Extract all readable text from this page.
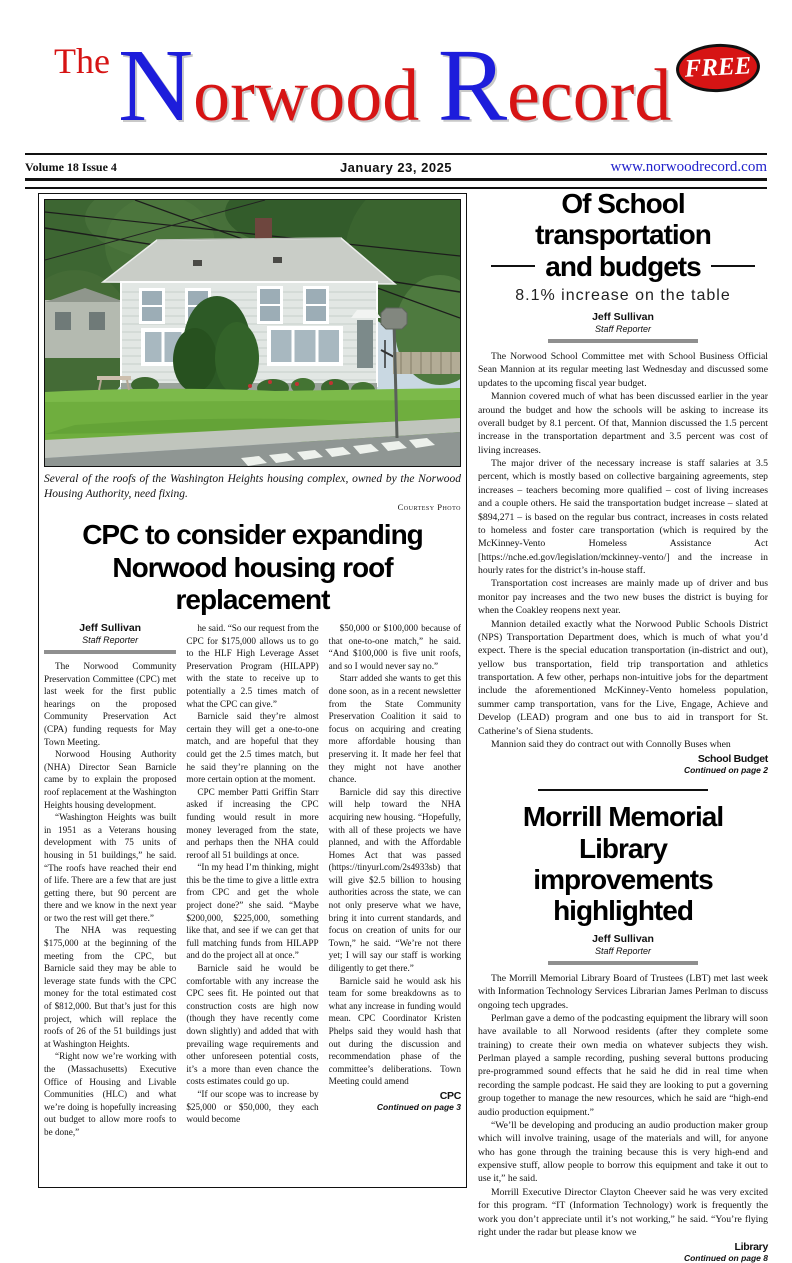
The Norwood Record FREE
Volume 18 Issue 4	January 23, 2025	www.norwoodrecord.com
Several of the roofs of the Washington Heights housing complex, owned by the Norwood Housing Authority, need fixing.
Courtesy Photo
CPC to consider expanding
Norwood housing roof replacement
Jeff Sullivan
Staff Reporter

The Norwood Community Preservation Committee (CPC) met last week for the first public hearings on the proposed Community Preservation Act (CPA) funding requests for May Town Meeting.

Norwood Housing Authority (NHA) Director Sean Barnicle came by to explain the proposed roof replacement at the Washington Heights housing development.

“Washington Heights was built in 1951 as a Veterans housing development with 75 units of housing in 51 buildings,” he said. “The roofs have reached their end of life. There are a few that are just getting there, but 90 percent are there and we know in the next year or two the rest will get there.”

The NHA was requesting $175,000 at the beginning of the meeting from the CPC, but Barnicle said they may be able to leverage state funds with the CPC money for the total estimated cost of $812,000. But that’s just for this project, which will replace the roofs of 26 of the 51 buildings just at Washington Heights.

“Right now we’re working with the (Massachusetts) Executive Office of Housing and Livable Communities (HLC) and what we’re doing is hopefully increasing out budget to allow more roofs to be done,”

he said. “So our request from the CPC for $175,000 allows us to go to the HLF High Leverage Asset Preservation Program (HILAPP) with the state to receive up to potentially a 2.5 times match of what the CPC can give.”

Barnicle said they’re almost certain they will get a one-to-one match, and are hopeful that they could get the 2.5 times match, but he said they’re planning on the more certain option at the moment.

CPC member Patti Griffin Starr asked if increasing the CPC funding would result in more money leveraged from the state, and perhaps then the NHA could reroof all 51 buildings at once.

“In my head I’m thinking, might this be the time to give a little extra from CPC and get the whole project done?” she said. “Maybe $200,000, $225,000, something like that, and see if we can get that full matching funds from HILAPP and do the project all at once.”

Barnicle said he would be comfortable with any increase the CPC sees fit. He pointed out that construction costs are high now (though they have recently come down slightly) and added that with prevailing wage requirements and other unforeseen potential costs, it’s a more than even chance the costs estimates could go up.

“If our scope was to increase by $25,000 or $50,000, they each would become

$50,000 or $100,000 because of that one-to-one match,” he said. “And $100,000 is five unit roofs, and so I would never say no.”

Starr added she wants to get this done soon, as in a recent newsletter from the State Community Preservation Coalition it said to focus on acquiring and creating more affordable housing than preserving it. It made her feel that they might not have another chance.

Barnicle did say this directive will help toward the NHA acquiring new housing. “Hopefully, with all of these projects we have planned, and with the Affordable Homes Act that was passed (https://tinyurl.com/2s4933sb) that will give $2.5 billion to housing authorities across the state, we can not only preserve what we have, bring it into current standards, and focus on creation of units for our Town,” he said. “We’re not there yet; I will say our staff is working diligently to get there.”

Barnicle said he would ask his team for some breakdowns as to what any increase in funding would mean. CPC Coordinator Kristen Phelps said they would hash that out during the discussion and recommendation phase of the committee’s deliberations. Town Meeting could amend

CPC
Continued on page 3
Of School transportation
and budgets
8.1% increase on the table
Jeff Sullivan
Staff Reporter

The Norwood School Committee met with School Business Official Sean Mannion at its regular meeting last Wednesday and discussed some updates to the upcoming fiscal year budget.

Mannion covered much of what has been discussed earlier in the year around the budget and how the schools will be asking to increase its overall budget by 8.1 percent. Of that, Mannion discussed the 1.5 percent increase in the transportation department and 3.5 percent was cost of living increases.

The major driver of the necessary increase is staff salaries at 3.5 percent, which is mostly based on collective bargaining agreements, step increases – teachers becoming more qualified – cost of living increases and a couple others. He said the transportation budget increase – slated at $894,271 – is based on the regular bus contract, increases in costs related to homeless and foster care transportation (which is required by the McKinney-Vento Homeless Assistance Act [https://nche.ed.gov/legislation/mckinney-vento/] and the increase in hourly rates for the district’s in-house staff.

Transportation cost increases are mainly made up of driver and bus monitor pay increases and the two new buses the district is buying for when the Coakley reopens next year.

Mannion detailed exactly what the Norwood Public Schools District (NPS) Transportation Department does, which is much of what you’d expect. There is the special education transportation (in-district and out), yellow bus transportation, field trip transportation and athletics transportation. A few other, perhaps non-intuitive jobs for the department include the aforementioned McKinney-Vento homeless population, summer camp transportation, vans for the Live, Engage, Achieve and Develop (LEAD) program and one bus to aid in transport for St. Catherine’s of Siena students.

Mannion said they do contract out with Connolly Buses when

School Budget
Continued on page 2
Morrill Memorial Library
improvements highlighted
Jeff Sullivan
Staff Reporter

The Morrill Memorial Library Board of Trustees (LBT) met last week with Information Technology Services Librarian James Perlman to discuss ongoing tech upgrades.

Perlman gave a demo of the podcasting equipment the library will soon have available to all Norwood residents (after they complete some training) to create their own media on whatever subjects they wish. Perlman played a sample recording, pushing several buttons producing pre-programmed sound effects that he said he did in real time when recording the sample podcast. He said they are looking to put a governing group together to manage the new resources, which he said are “high-end audio production equipment.”

“We’ll be developing and producing an audio production maker group which will involve training, usage of the materials and will, for anyone who has gone through the training because this is very high-end and expensive stuff, allow people to borrow this equipment and take it out to use it,” he said.

Morrill Executive Director Clayton Cheever said he was very excited for this program. “IT (Information Technology) work is frequently the work you don’t appreciate until it’s not working,” he said. “You’re flying right under the radar but please know we

Library
Continued on page 8
